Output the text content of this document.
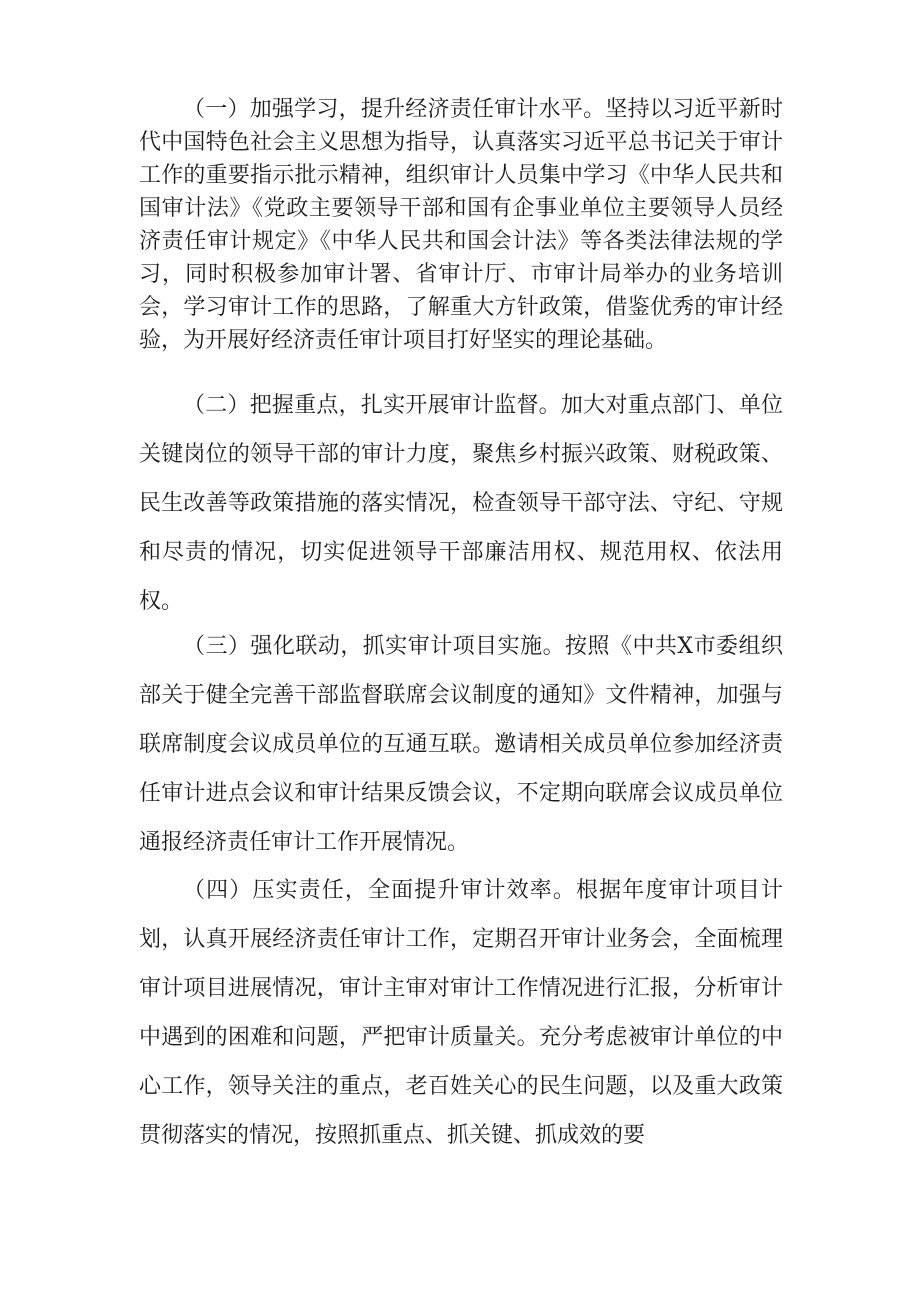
（一）加强学习，提升经济责任审计水平。坚持以习近平新时代中国特色社会主义思想为指导，认真落实习近平总书记关于审计工作的重要指示批示精神，组织审计人员集中学习《中华人民共和国审计法》《党政主要领导干部和国有企事业单位主要领导人员经济责任审计规定》《中华人民共和国会计法》等各类法律法规的学习，同时积极参加审计署、省审计厅、市审计局举办的业务培训会，学习审计工作的思路，了解重大方针政策，借鉴优秀的审计经验，为开展好经济责任审计项目打好坚实的理论基础。

（二）把握重点，扎实开展审计监督。加大对重点部门、单位关键岗位的领导干部的审计力度，聚焦乡村振兴政策、财税政策、民生改善等政策措施的落实情况，检查领导干部守法、守纪、守规和尽责的情况，切实促进领导干部廉洁用权、规范用权、依法用权。

（三）强化联动，抓实审计项目实施。按照《中共X市委组织部关于健全完善干部监督联席会议制度的通知》文件精神，加强与联席制度会议成员单位的互通互联。邀请相关成员单位参加经济责任审计进点会议和审计结果反馈会议，不定期向联席会议成员单位通报经济责任审计工作开展情况。

（四）压实责任，全面提升审计效率。根据年度审计项目计划，认真开展经济责任审计工作，定期召开审计业务会，全面梳理审计项目进展情况，审计主审对审计工作情况进行汇报，分析审计中遇到的困难和问题，严把审计质量关。充分考虑被审计单位的中心工作，领导关注的重点，老百姓关心的民生问题，以及重大政策贯彻落实的情况，按照抓重点、抓关键、抓成效的要
